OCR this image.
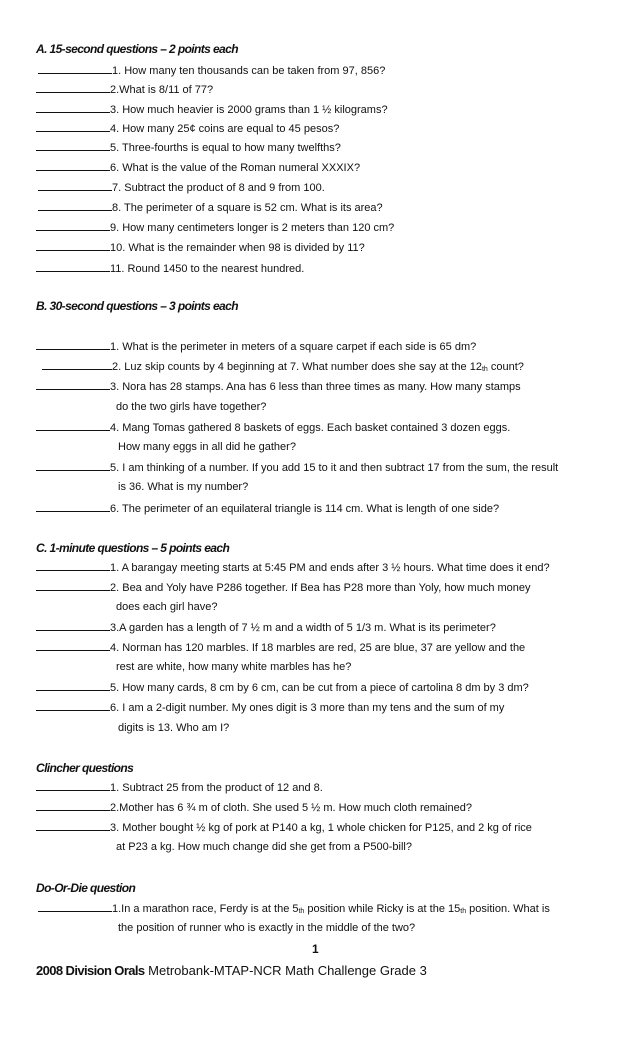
A. 15-second questions – 2 points each
1. How many ten thousands can be taken from 97, 856?
2.What is 8/11 of 77?
3. How much heavier is 2000 grams than 1 ½ kilograms?
4. How many 25¢ coins are equal to 45 pesos?
5. Three-fourths is equal to how many twelfths?
6. What is the value of the Roman numeral XXXIX?
7. Subtract the product of 8 and 9 from 100.
8. The perimeter of a square is 52 cm. What is its area?
9. How many centimeters longer is 2 meters than 120 cm?
10. What is the remainder when 98 is divided by 11?
11. Round 1450 to the nearest hundred.
B. 30-second questions – 3 points each
1. What is the perimeter in meters of a square carpet if each side is 65 dm?
2. Luz skip counts by 4 beginning at 7. What number does she say at the $12_{th}$ count?
3. Nora has 28 stamps. Ana has 6 less than three times as many. How many stamps
do the two girls have together?
4. Mang Tomas gathered 8 baskets of eggs. Each basket contained 3 dozen eggs.
How many eggs in all did he gather?
5. I am thinking of a number. If you add 15 to it and then subtract 17 from the sum, the result
is 36. What is my number?
6. The perimeter of an equilateral triangle is 114 cm. What is length of one side?
C. 1-minute questions – 5 points each
1. A barangay meeting starts at 5:45 PM and ends after 3 ½ hours. What time does it end?
2. Bea and Yoly have P286 together. If Bea has P28 more than Yoly, how much money
does each girl have?
3.A garden has a length of 7 ½ m and a width of 5 1/3 m. What is its perimeter?
4. Norman has 120 marbles. If 18 marbles are red, 25 are blue, 37 are yellow and the
rest are white, how many white marbles has he?
5. How many cards, 8 cm by 6 cm, can be cut from a piece of cartolina 8 dm by 3 dm?
6. I am a 2-digit number. My ones digit is 3 more than my tens and the sum of my
digits is 13. Who am I?
Clincher questions
1. Subtract 25 from the product of 12 and 8.
2.Mother has 6 ¾ m of cloth. She used 5 ½ m. How much cloth remained?
3. Mother bought ½ kg of pork at P140 a kg, 1 whole chicken for P125, and 2 kg of rice
at P23 a kg. How much change did she get from a P500-bill?
Do-Or-Die question
1.In a marathon race, Ferdy is at the $5_{th}$ position while Ricky is at the $15_{th}$ position. What is
the position of runner who is exactly in the middle of the two?
1
2008 Division Orals Metrobank-MTAP-NCR Math Challenge Grade 3
